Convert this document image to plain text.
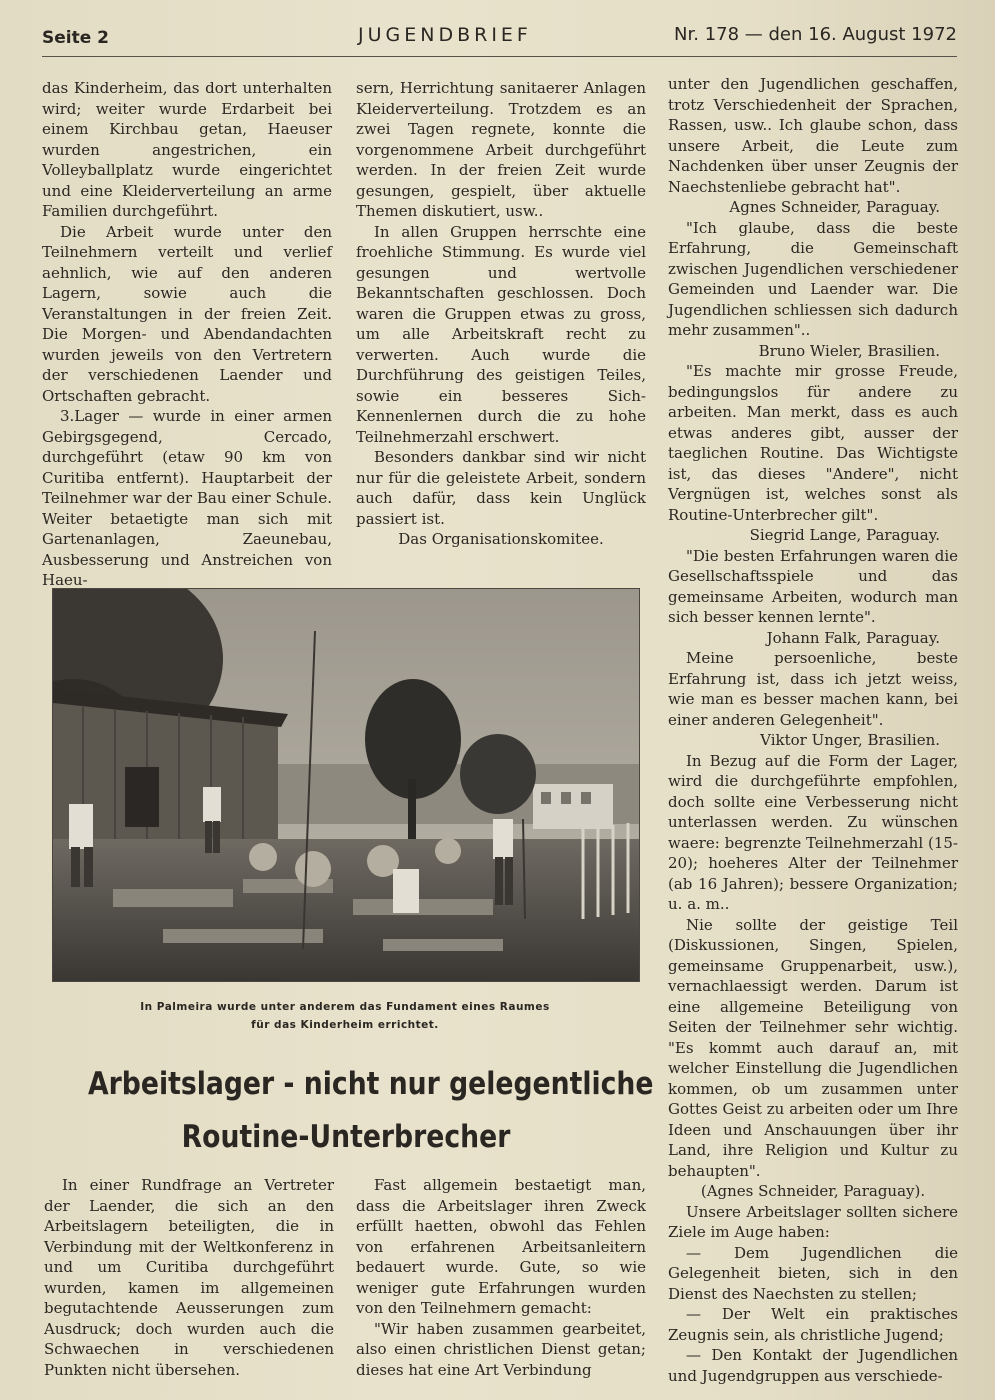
Seite 2	JUGENDBRIEF	Nr. 178 — den 16. August 1972

das Kinderheim, das dort unterhalten wird; weiter wurde Erdarbeit bei einem Kirchbau getan, Haeuser wurden angestrichen, ein Volleyballplatz wurde eingerichtet und eine Kleiderverteilung an arme Familien durchgeführt.

Die Arbeit wurde unter den Teilnehmern verteilt und verlief aehnlich, wie auf den anderen Lagern, sowie auch die Veranstaltungen in der freien Zeit. Die Morgen- und Abendandachten wurden jeweils von den Vertretern der verschiedenen Laender und Ortschaften gebracht.

3.Lager — wurde in einer armen Gebirgsgegend, Cercado, durchgeführt (etaw 90 km von Curitiba entfernt). Hauptarbeit der Teilnehmer war der Bau einer Schule. Weiter betaetigte man sich mit Gartenanlagen, Zaeunebau, Ausbesserung und Anstreichen von Haeu-

sern, Herrichtung sanitaerer Anlagen Kleiderverteilung. Trotzdem es an zwei Tagen regnete, konnte die vorgenommene Arbeit durchgeführt werden. In der freien Zeit wurde gesungen, gespielt, über aktuelle Themen diskutiert, usw..

In allen Gruppen herrschte eine froehliche Stimmung. Es wurde viel gesungen und wertvolle Bekanntschaften geschlossen. Doch waren die Gruppen etwas zu gross, um alle Arbeitskraft recht zu verwerten. Auch wurde die Durchführung des geistigen Teiles, sowie ein besseres Sich-Kennenlernen durch die zu hohe Teilnehmerzahl erschwert.

Besonders dankbar sind wir nicht nur für die geleistete Arbeit, sondern auch dafür, dass kein Unglück passiert ist.

Das Organisationskomitee.

In Palmeira wurde unter anderem das Fundament eines Raumes
für das Kinderheim errichtet.
Arbeitslager - nicht nur gelegentliche
Routine-Unterbrecher

unter den Jugendlichen geschaffen, trotz Verschiedenheit der Sprachen, Rassen, usw.. Ich glaube schon, dass unsere Arbeit, die Leute zum Nachdenken über unser Zeugnis der Naechstenliebe gebracht hat".

Agnes Schneider, Paraguay.

"Ich glaube, dass die beste Erfahrung, die Gemeinschaft zwischen Jugendlichen verschiedener Gemeinden und Laender war. Die Jugendlichen schliessen sich dadurch mehr zusammen"..

Bruno Wieler, Brasilien.

"Es machte mir grosse Freude, bedingungslos für andere zu arbeiten. Man merkt, dass es auch etwas anderes gibt, ausser der taeglichen Routine. Das Wichtigste ist, das dieses "Andere", nicht Vergnügen ist, welches sonst als Routine-Unterbrecher gilt".

Siegrid Lange, Paraguay.

"Die besten Erfahrungen waren die Gesellschaftsspiele und das gemeinsame Arbeiten, wodurch man sich besser kennen lernte".

Johann Falk, Paraguay.

Meine persoenliche, beste Erfahrung ist, dass ich jetzt weiss, wie man es besser machen kann, bei einer anderen Gelegenheit".

Viktor Unger, Brasilien.

In Bezug auf die Form der Lager, wird die durchgeführte empfohlen, doch sollte eine Verbesserung nicht unterlassen werden. Zu wünschen waere: begrenzte Teilnehmerzahl (15-20); hoeheres Alter der Teilnehmer (ab 16 Jahren); bessere Organization; u. a. m..

Nie sollte der geistige Teil (Diskussionen, Singen, Spielen, gemeinsame Gruppenarbeit, usw.), vernachlaessigt werden. Darum ist eine allgemeine Beteiligung von Seiten der Teilnehmer sehr wichtig. "Es kommt auch darauf an, mit welcher Einstellung die Jugendlichen kommen, ob um zusammen unter Gottes Geist zu arbeiten oder um Ihre Ideen und Anschauungen über ihr Land, ihre Religion und Kultur zu behaupten".

(Agnes Schneider, Paraguay).

Unsere Arbeitslager sollten sichere Ziele im Auge haben:

— Dem Jugendlichen die Gelegenheit bieten, sich in den Dienst des Naechsten zu stellen;

— Der Welt ein praktisches Zeugnis sein, als christliche Jugend;

— Den Kontakt der Jugendlichen und Jugendgruppen aus verschiede-

In einer Rundfrage an Vertreter der Laender, die sich an den Arbeitslagern beteiligten, die in Verbindung mit der Weltkonferenz in und um Curitiba durchgeführt wurden, kamen im allgemeinen begutachtende Aeusserungen zum Ausdruck; doch wurden auch die Schwaechen in verschiedenen Punkten nicht übersehen.

Fast allgemein bestaetigt man, dass die Arbeitslager ihren Zweck erfüllt haetten, obwohl das Fehlen von erfahrenen Arbeitsanleitern bedauert wurde. Gute, so wie weniger gute Erfahrungen wurden von den Teilnehmern gemacht:

"Wir haben zusammen gearbeitet, also einen christlichen Dienst getan; dieses hat eine Art Verbindung
